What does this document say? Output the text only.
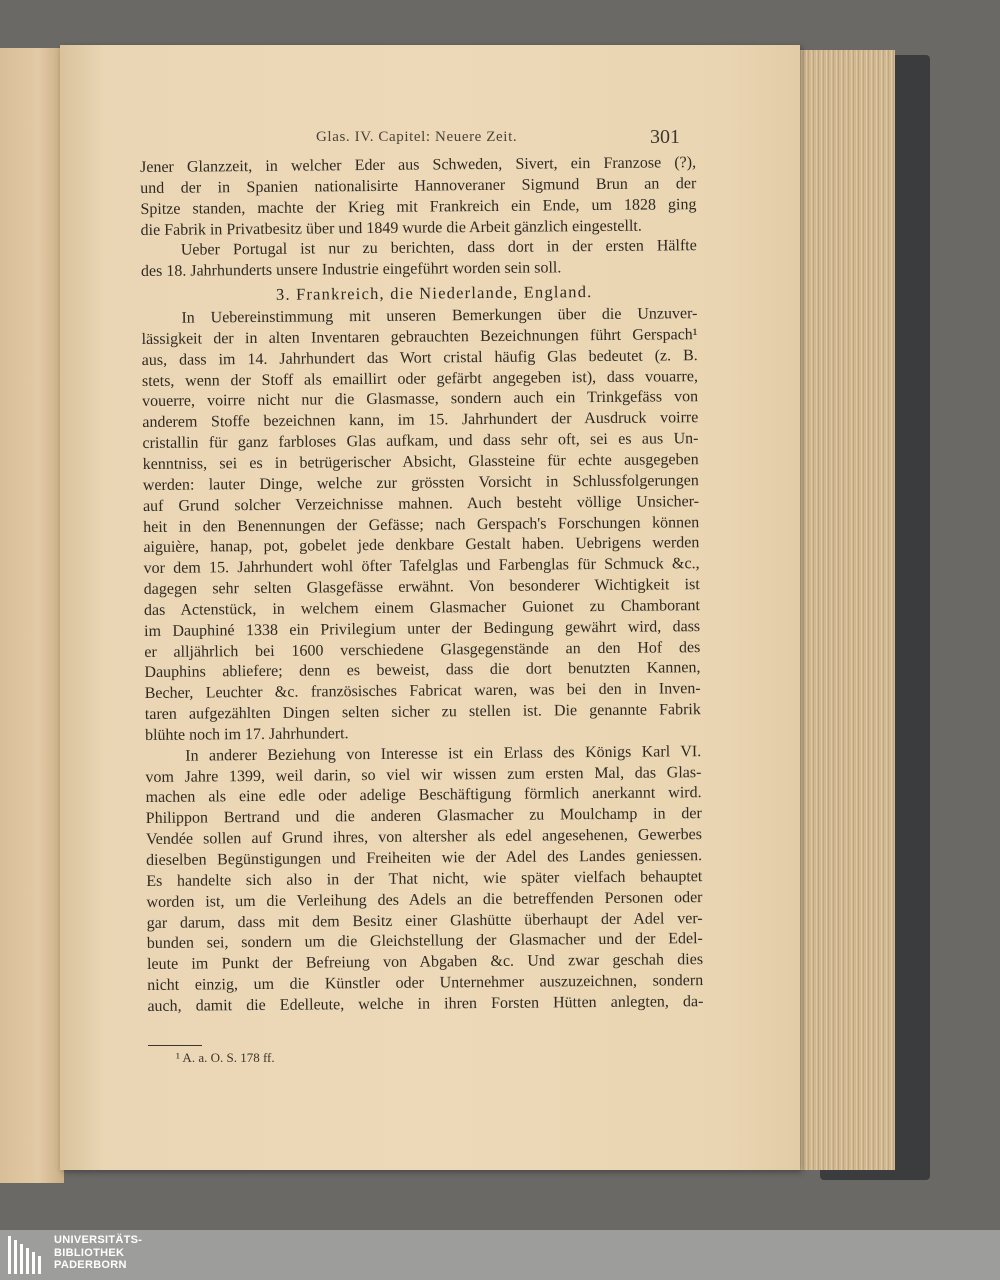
Glas. IV. Capitel: Neuere Zeit.	301
Jener Glanzzeit, in welcher Eder aus Schweden, Sivert, ein Franzose (?),
und der in Spanien nationalisirte Hannoveraner Sigmund Brun an der
Spitze standen, machte der Krieg mit Frankreich ein Ende, um 1828 ging
die Fabrik in Privatbesitz über und 1849 wurde die Arbeit gänzlich eingestellt.
Ueber Portugal ist nur zu berichten, dass dort in der ersten Hälfte
des 18. Jahrhunderts unsere Industrie eingeführt worden sein soll.
3. Frankreich, die Niederlande, England.
In Uebereinstimmung mit unseren Bemerkungen über die Unzuver-
lässigkeit der in alten Inventaren gebrauchten Bezeichnungen führt Gerspach¹
aus, dass im 14. Jahrhundert das Wort cristal häufig Glas bedeutet (z. B.
stets, wenn der Stoff als emaillirt oder gefärbt angegeben ist), dass vouarre,
vouerre, voirre nicht nur die Glasmasse, sondern auch ein Trinkgefäss von
anderem Stoffe bezeichnen kann, im 15. Jahrhundert der Ausdruck voirre
cristallin für ganz farbloses Glas aufkam, und dass sehr oft, sei es aus Un-
kenntniss, sei es in betrügerischer Absicht, Glassteine für echte ausgegeben
werden: lauter Dinge, welche zur grössten Vorsicht in Schlussfolgerungen
auf Grund solcher Verzeichnisse mahnen. Auch besteht völlige Unsicher-
heit in den Benennungen der Gefässe; nach Gerspach's Forschungen können
aiguière, hanap, pot, gobelet jede denkbare Gestalt haben. Uebrigens werden
vor dem 15. Jahrhundert wohl öfter Tafelglas und Farbenglas für Schmuck &c.,
dagegen sehr selten Glasgefässe erwähnt. Von besonderer Wichtigkeit ist
das Actenstück, in welchem einem Glasmacher Guionet zu Chamborant
im Dauphiné 1338 ein Privilegium unter der Bedingung gewährt wird, dass
er alljährlich bei 1600 verschiedene Glasgegenstände an den Hof des
Dauphins abliefere; denn es beweist, dass die dort benutzten Kannen,
Becher, Leuchter &c. französisches Fabricat waren, was bei den in Inven-
taren aufgezählten Dingen selten sicher zu stellen ist. Die genannte Fabrik
blühte noch im 17. Jahrhundert.
In anderer Beziehung von Interesse ist ein Erlass des Königs Karl VI.
vom Jahre 1399, weil darin, so viel wir wissen zum ersten Mal, das Glas-
machen als eine edle oder adelige Beschäftigung förmlich anerkannt wird.
Philippon Bertrand und die anderen Glasmacher zu Moulchamp in der
Vendée sollen auf Grund ihres, von altersher als edel angesehenen, Gewerbes
dieselben Begünstigungen und Freiheiten wie der Adel des Landes geniessen.
Es handelte sich also in der That nicht, wie später vielfach behauptet
worden ist, um die Verleihung des Adels an die betreffenden Personen oder
gar darum, dass mit dem Besitz einer Glashütte überhaupt der Adel ver-
bunden sei, sondern um die Gleichstellung der Glasmacher und der Edel-
leute im Punkt der Befreiung von Abgaben &c. Und zwar geschah dies
nicht einzig, um die Künstler oder Unternehmer auszuzeichnen, sondern
auch, damit die Edelleute, welche in ihren Forsten Hütten anlegten, da-
¹ A. a. O. S. 178 ff.
UNIVERSITÄTS-
BIBLIOTHEK
PADERBORN
